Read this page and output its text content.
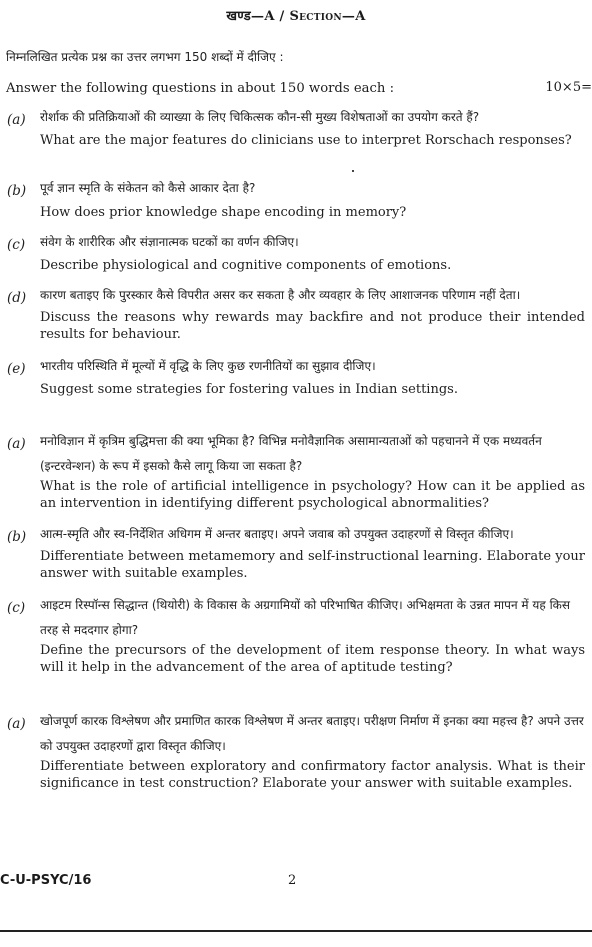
खण्ड—A / Section—A
निम्नलिखित प्रत्येक प्रश्न का उत्तर लगभग 150 शब्दों में दीजिए :
Answer the following questions in about 150 words each :	10×5=
(a) रोर्शाक की प्रतिक्रियाओं की व्याख्या के लिए चिकित्सक कौन-सी मुख्य विशेषताओं का उपयोग करते हैं?
What are the major features do clinicians use to interpret Rorschach responses?
(b) पूर्व ज्ञान स्मृति के संकेतन को कैसे आकार देता है?
How does prior knowledge shape encoding in memory?
(c) संवेग के शारीरिक और संज्ञानात्मक घटकों का वर्णन कीजिए।
Describe physiological and cognitive components of emotions.
(d) कारण बताइए कि पुरस्कार कैसे विपरीत असर कर सकता है और व्यवहार के लिए आशाजनक परिणाम नहीं देता।
Discuss the reasons why rewards may backfire and not produce their intended results for behaviour.
(e) भारतीय परिस्थिति में मूल्यों में वृद्धि के लिए कुछ रणनीतियों का सुझाव दीजिए।
Suggest some strategies for fostering values in Indian settings.
(a) मनोविज्ञान में कृत्रिम बुद्धिमत्ता की क्या भूमिका है? विभिन्न मनोवैज्ञानिक असामान्यताओं को पहचानने में एक मध्यवर्तन (इन्टरवेन्शन) के रूप में इसको कैसे लागू किया जा सकता है?
What is the role of artificial intelligence in psychology? How can it be applied as an intervention in identifying different psychological abnormalities?
(b) आत्म-स्मृति और स्व-निर्देशित अधिगम में अन्तर बताइए। अपने जवाब को उपयुक्त उदाहरणों से विस्तृत कीजिए।
Differentiate between metamemory and self-instructional learning. Elaborate your answer with suitable examples.
(c) आइटम रिस्पॉन्स सिद्धान्त (थियोरी) के विकास के अग्रगामियों को परिभाषित कीजिए। अभिक्षमता के उन्नत मापन में यह किस तरह से मददगार होगा?
Define the precursors of the development of item response theory. In what ways will it help in the advancement of the area of aptitude testing?
(a) खोजपूर्ण कारक विश्लेषण और प्रमाणित कारक विश्लेषण में अन्तर बताइए। परीक्षण निर्माण में इनका क्या महत्त्व है? अपने उत्तर को उपयुक्त उदाहरणों द्वारा विस्तृत कीजिए।
Differentiate between exploratory and confirmatory factor analysis. What is their significance in test construction? Elaborate your answer with suitable examples.
C-U-PSYC/16	2
